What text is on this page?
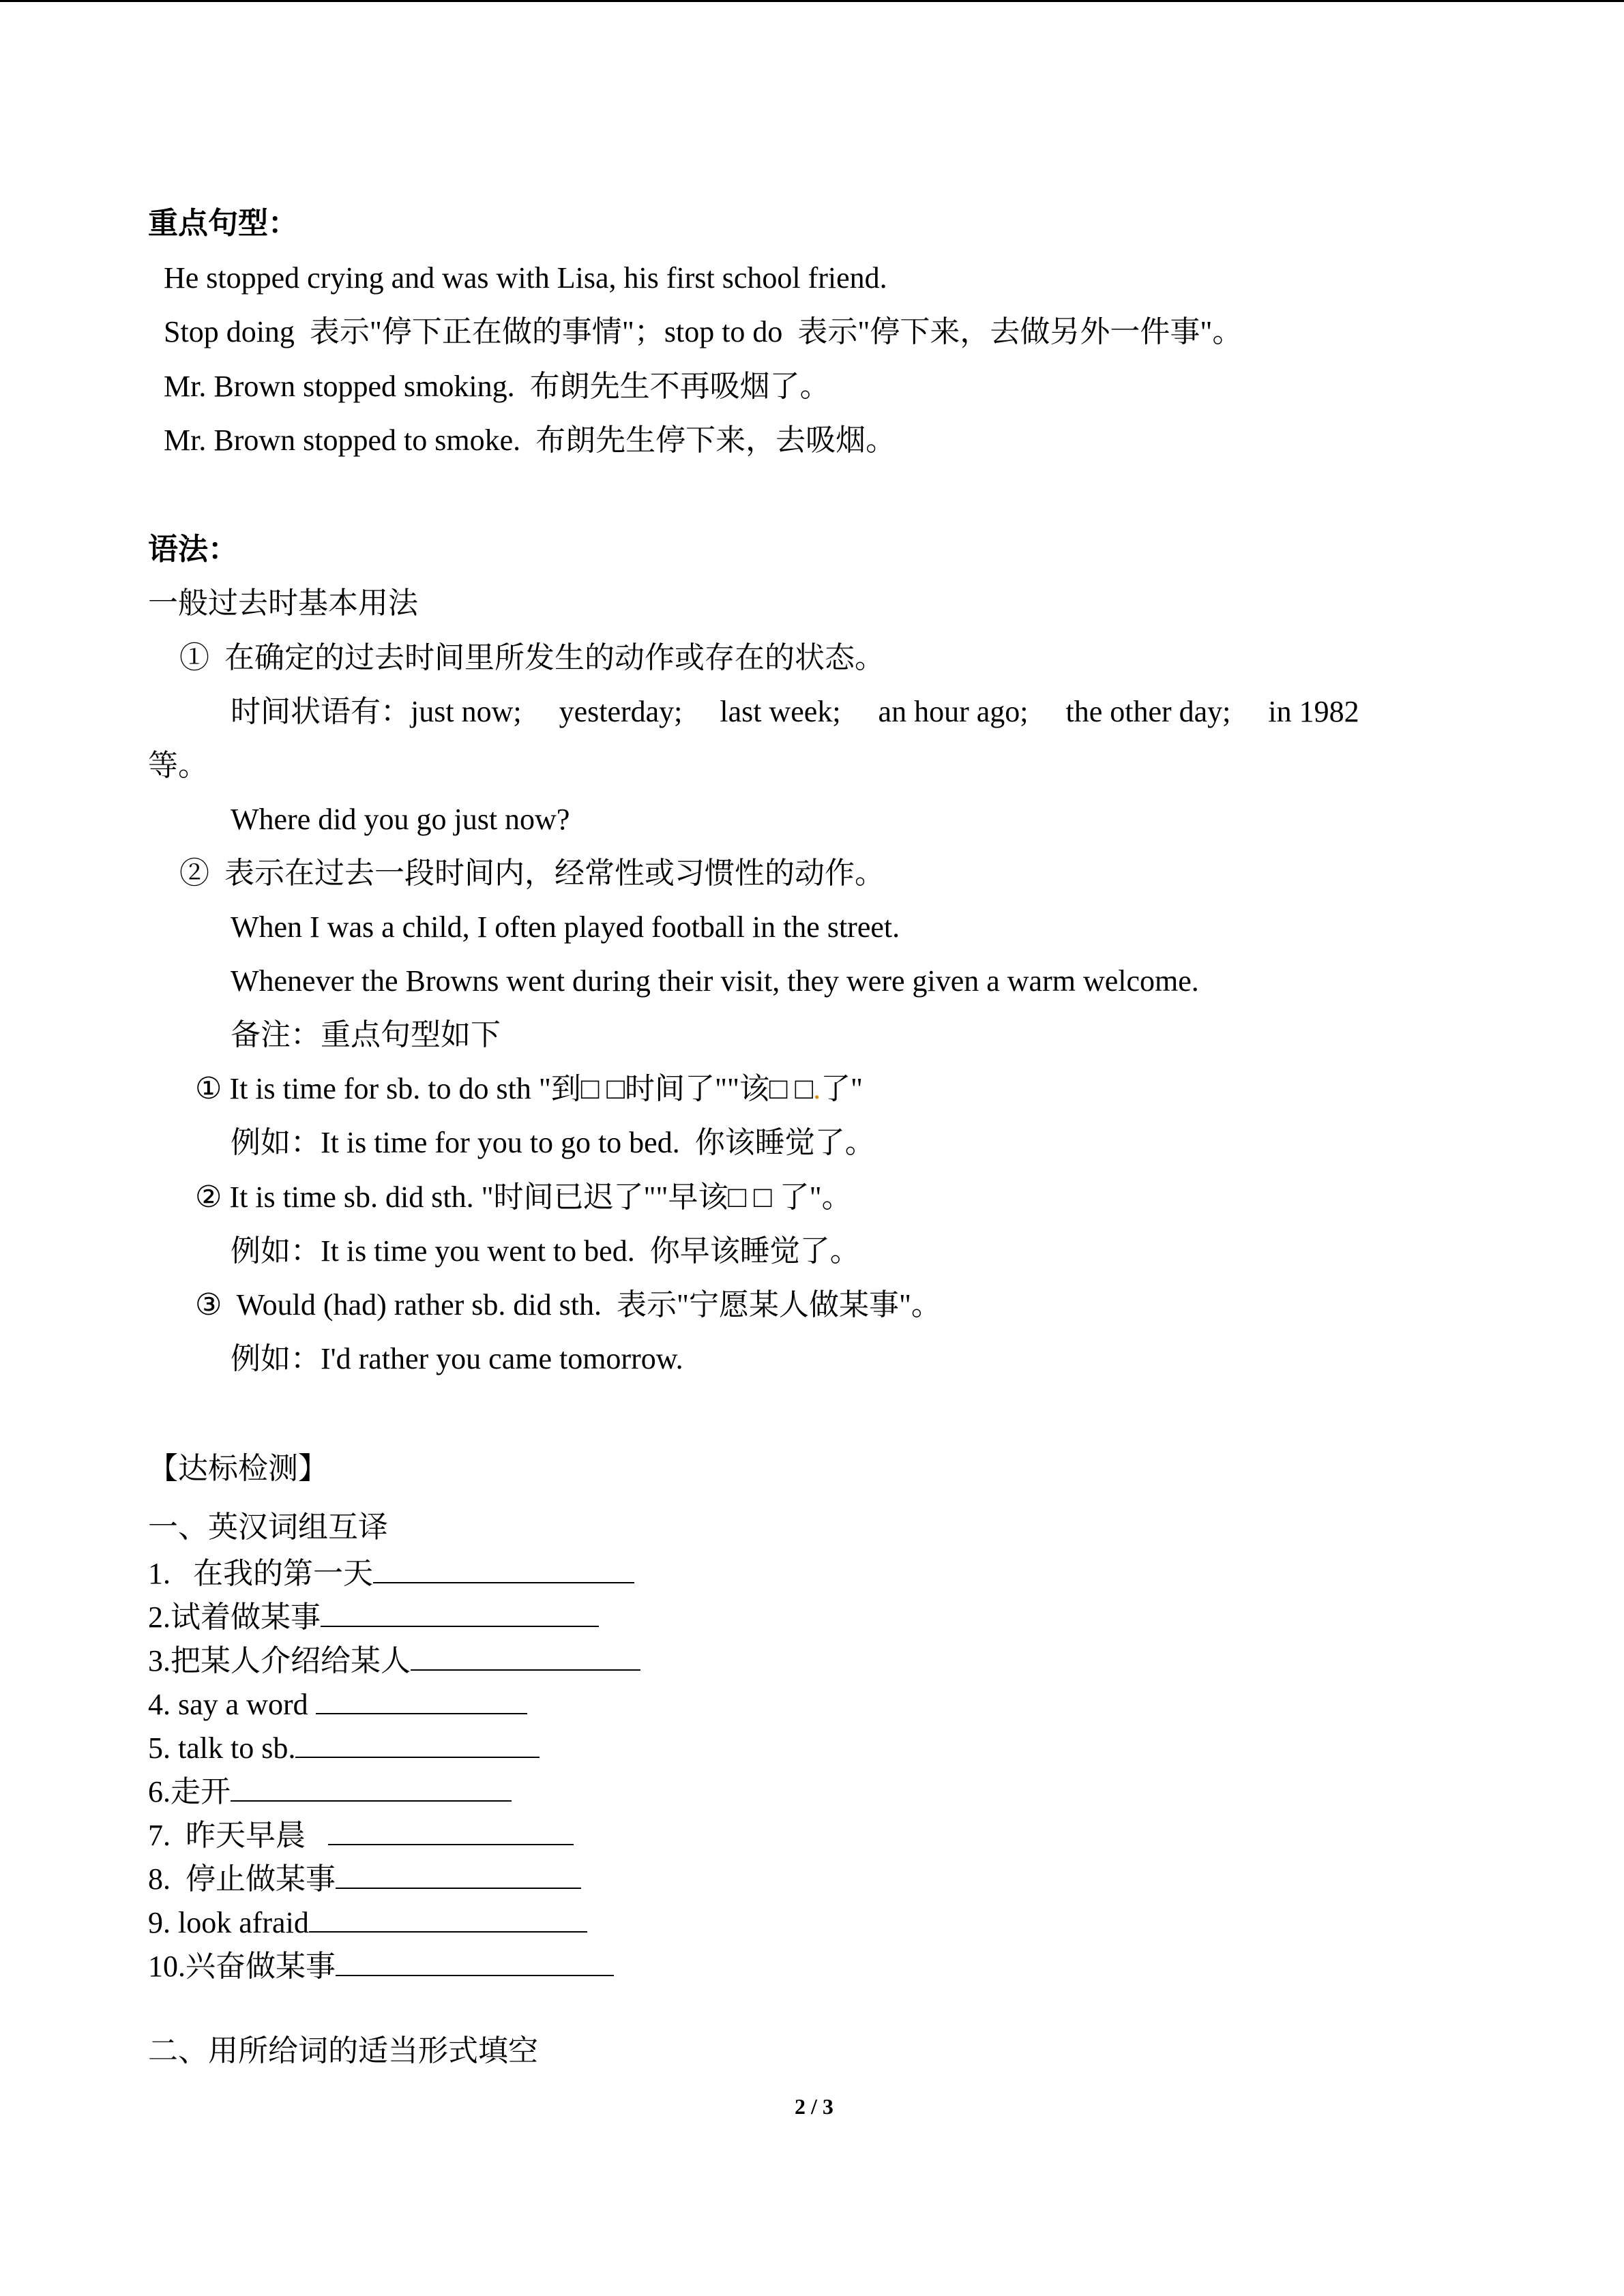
重点句型：
He stopped crying and was with Lisa, his first school friend.
Stop doing  表示"停下正在做的事情"；stop to do  表示"停下来，去做另外一件事"。
Mr. Brown stopped smoking.  布朗先生不再吸烟了。
Mr. Brown stopped to smoke.  布朗先生停下来，去吸烟。
语法：
一般过去时基本用法
①  在确定的过去时间里所发生的动作或存在的状态。
时间状语有：just now;     yesterday;     last week;     an hour ago;     the other day;     in 1982
等。
Where did you go just now?
②  表示在过去一段时间内，经常性或习惯性的动作。
When I was a child, I often played football in the street.
Whenever the Browns went during their visit, they were given a warm welcome.
备注：重点句型如下
① It is time for sb. to do sth "到□ □时间了""该□ □.了"
例如：It is time for you to go to bed.  你该睡觉了。
② It is time sb. did sth. "时间已迟了""早该□ □ 了"。
例如：It is time you went to bed.  你早该睡觉了。
③  Would (had) rather sb. did sth.  表示"宁愿某人做某事"。
例如：I'd rather you came tomorrow.
【达标检测】
一、英汉词组互译
1.   在我的第一天
2.试着做某事
3.把某人介绍给某人
4. say a word
5. talk to sb.
6.走开
7.  昨天早晨
8.  停止做某事
9. look afraid
10.兴奋做某事
二、用所给词的适当形式填空
2 / 3
